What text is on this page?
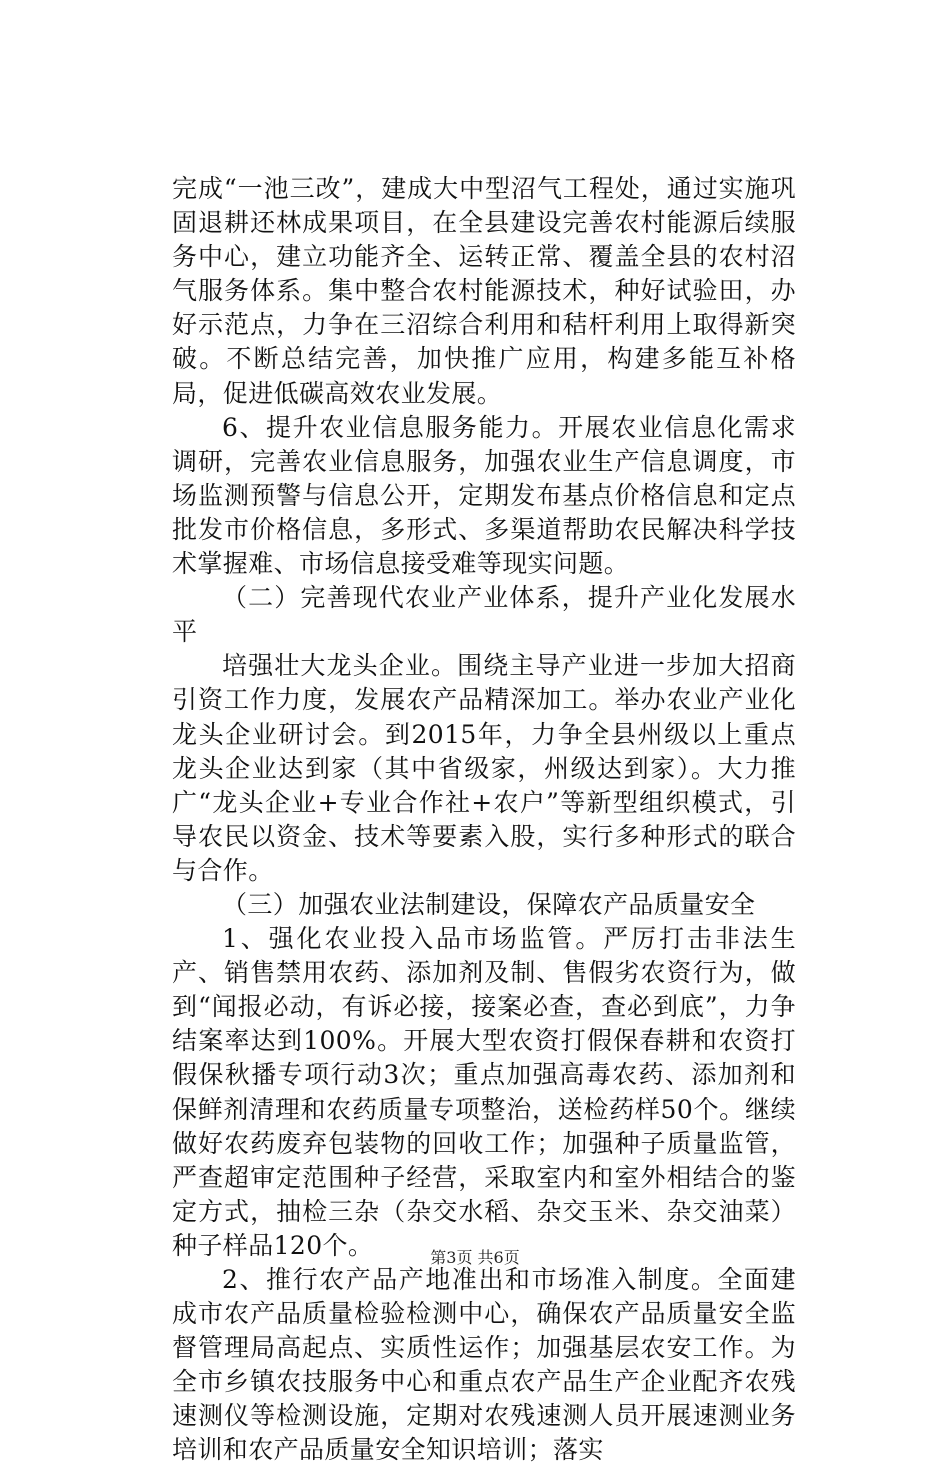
完成“一池三改”，建成大中型沼气工程处，通过实施巩固退耕还林成果项目，在全县建设完善农村能源后续服务中心，建立功能齐全、运转正常、覆盖全县的农村沼气服务体系。集中整合农村能源技术，种好试验田，办好示范点，力争在三沼综合利用和秸杆利用上取得新突破。不断总结完善，加快推广应用，构建多能互补格局，促进低碳高效农业发展。

6、提升农业信息服务能力。开展农业信息化需求调研，完善农业信息服务，加强农业生产信息调度，市场监测预警与信息公开，定期发布基点价格信息和定点批发市价格信息，多形式、多渠道帮助农民解决科学技术掌握难、市场信息接受难等现实问题。

（二）完善现代农业产业体系，提升产业化发展水平

培强壮大龙头企业。围绕主导产业进一步加大招商引资工作力度，发展农产品精深加工。举办农业产业化龙头企业研讨会。到2015年，力争全县州级以上重点龙头企业达到家（其中省级家，州级达到家）。大力推广“龙头企业+专业合作社+农户”等新型组织模式，引导农民以资金、技术等要素入股，实行多种形式的联合与合作。

（三）加强农业法制建设，保障农产品质量安全

1、强化农业投入品市场监管。严厉打击非法生产、销售禁用农药、添加剂及制、售假劣农资行为，做到“闻报必动，有诉必接，接案必查，查必到底”，力争结案率达到100%。开展大型农资打假保春耕和农资打假保秋播专项行动3次；重点加强高毒农药、添加剂和保鲜剂清理和农药质量专项整治，送检药样50个。继续做好农药废弃包装物的回收工作；加强种子质量监管，严查超审定范围种子经营，采取室内和室外相结合的鉴定方式，抽检三杂（杂交水稻、杂交玉米、杂交油菜）种子样品120个。

2、推行农产品产地准出和市场准入制度。全面建成市农产品质量检验检测中心，确保农产品质量安全监督管理局高起点、实质性运作；加强基层农安工作。为全市乡镇农技服务中心和重点农产品生产企业配齐农残速测仪等检测设施，定期对农残速测人员开展速测业务培训和农产品质量安全知识培训；落实

第3页 共6页
